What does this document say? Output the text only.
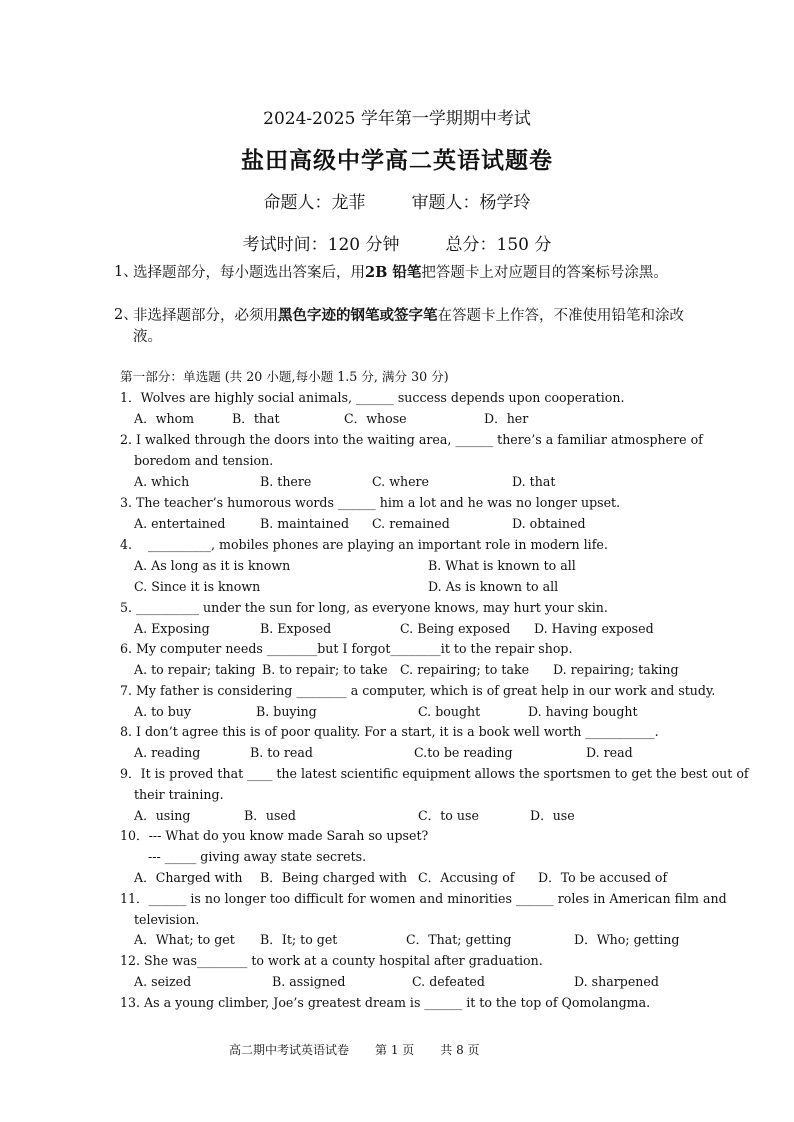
2024-2025 学年第一学期期中考试
盐田高级中学高二英语试题卷
命题人：龙菲	审题人：杨学玲
考试时间：120 分钟	总分：150 分
1、
选择题部分，每小题选出答案后，用2B 铅笔把答题卡上对应题目的答案标号涂黑。
2、
非选择题部分，必须用黑色字迹的钢笔或签字笔在答题卡上作答，不准使用铅笔和涂改液。
第一部分：单选题 (共 20 小题,每小题 1.5 分, 满分 30 分)
1．Wolves are highly social animals, ______ success depends upon cooperation.
A．whom	B．that	C．whose	D．her
2. I walked through the doors into the waiting area, ______ there’s a familiar atmosphere of
boredom and tension.
A. which	B. there	C. where	D. that
3. The teacher’s humorous words ______ him a lot and he was no longer upset.
A. entertained	B. maintained C. remained	D. obtained
4.    __________, mobiles phones are playing an important role in modern life.
A. As long as it is known	B. What is known to all
C. Since it is known	D. As is known to all
5. __________ under the sun for long, as everyone knows, may hurt your skin.
A. Exposing	B. Exposed	C. Being exposed D. Having exposed
6. My computer needs ________but I forgot________it to the repair shop.
A. to repair; taking B. to repair; to take C. repairing; to take D. repairing; taking
7. My father is considering ________ a computer, which is of great help in our work and study.
A. to buy	B. buying	C. bought	D. having bought
8. I don’t agree this is of poor quality. For a start, it is a book well worth ___________.
A. reading	B. to read	C.to be reading	D. read
9．It is proved that ____ the latest scientific equipment allows the sportsmen to get the best out of
their training.
A．using	B．used	C．to use	D．use
10．--- What do you know made Sarah so upset?
--- _____ giving away state secrets.
A．Charged with B．Being charged with C．Accusing of D．To be accused of
11．______ is no longer too difficult for women and minorities ______ roles in American film and
television.
A．What; to get B．It; to get	C．That; getting	D．Who; getting
12. She was________ to work at a county hospital after graduation.
A. seized	B. assigned	C. defeated	D. sharpened
13. As a young climber, Joe’s greatest dream is ______ it to the top of Qomolangma.
高二期中考试英语试卷 第 1 页 共 8 页
